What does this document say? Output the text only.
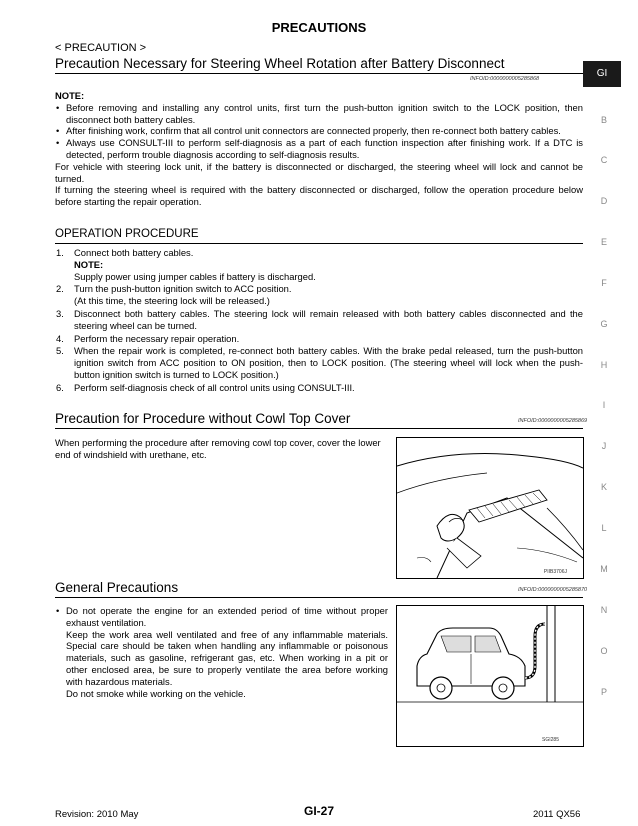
PRECAUTIONS
< PRECAUTION >
Precaution Necessary for Steering Wheel Rotation after Battery Disconnect
INFOID:0000000005285868

NOTE:

• Before removing and installing any control units, first turn the push-button ignition switch to the LOCK position, then disconnect both battery cables.

• After finishing work, confirm that all control unit connectors are connected properly, then re-connect both battery cables.

• Always use CONSULT-III to perform self-diagnosis as a part of each function inspection after finishing work. If a DTC is detected, perform trouble diagnosis according to self-diagnosis results.

For vehicle with steering lock unit, if the battery is disconnected or discharged, the steering wheel will lock and cannot be turned.

If turning the steering wheel is required with the battery disconnected or discharged, follow the operation procedure below before starting the repair operation.

OPERATION PROCEDURE

1. Connect both battery cables.
NOTE:
Supply power using jumper cables if battery is discharged.

2. Turn the push-button ignition switch to ACC position.
(At this time, the steering lock will be released.)

3. Disconnect both battery cables. The steering lock will remain released with both battery cables disconnected and the steering wheel can be turned.

4. Perform the necessary repair operation.

5. When the repair work is completed, re-connect both battery cables. With the brake pedal released, turn the push-button ignition switch from ACC position to ON position, then to LOCK position. (The steering wheel will lock when the push-button ignition switch is turned to LOCK position.)

6. Perform self-diagnosis check of all control units using CONSULT-III.

Precaution for Procedure without Cowl Top Cover	INFOID:0000000005285869
When performing the procedure after removing cowl top cover, cover the lower end of windshield with urethane, etc.
PIIB3706J
General Precautions	INFOID:0000000005285870

• Do not operate the engine for an extended period of time without proper exhaust ventilation.

Keep the work area well ventilated and free of any inflammable materials. Special care should be taken when handling any inflammable or poisonous materials, such as gasoline, refrigerant gas, etc. When working in a pit or other enclosed area, be sure to properly ventilate the area before working with hazardous materials.

Do not smoke while working on the vehicle.

SGI285
GI
B
C
D
E
F
G
H
I
J
K
L
M
N
O
P
Revision: 2010 May	GI-27	2011 QX56
